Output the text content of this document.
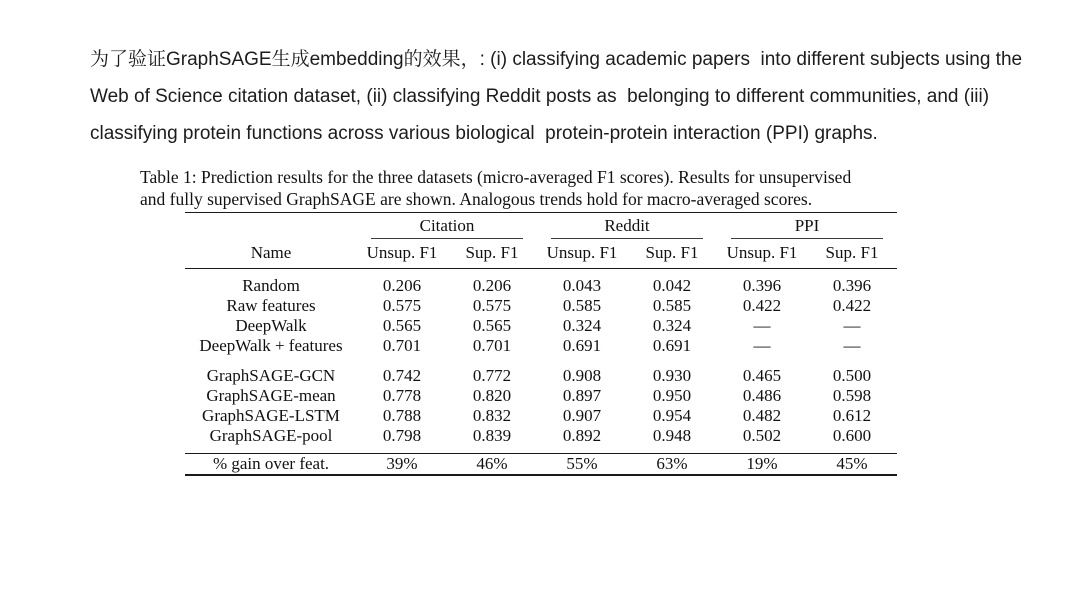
为了验证GraphSAGE生成embedding的效果，: (i) classifying academic papers  into different subjects using the
Web of Science citation dataset, (ii) classifying Reddit posts as  belonging to different communities, and (iii)
classifying protein functions across various biological  protein-protein interaction (PPI) graphs.
Table 1: Prediction results for the three datasets (micro-averaged F1 scores). Results for unsupervised
and fully supervised GraphSAGE are shown. Analogous trends hold for macro-averaged scores.

	Citation		Reddit		PPI	

Name	Unsup. F1	Sup. F1	Unsup. F1	Sup. F1	Unsup. F1	Sup. F1
Random	0.206	0.206	0.043	0.042	0.396	0.396
Raw features	0.575	0.575	0.585	0.585	0.422	0.422
DeepWalk	0.565	0.565	0.324	0.324	—	—
DeepWalk + features	0.701	0.701	0.691	0.691	—	—
GraphSAGE-GCN	0.742	0.772	0.908	0.930	0.465	0.500
GraphSAGE-mean	0.778	0.820	0.897	0.950	0.486	0.598
GraphSAGE-LSTM	0.788	0.832	0.907	0.954	0.482	0.612
GraphSAGE-pool	0.798	0.839	0.892	0.948	0.502	0.600
% gain over feat.	39%	46%	55%	63%	19%	45%
